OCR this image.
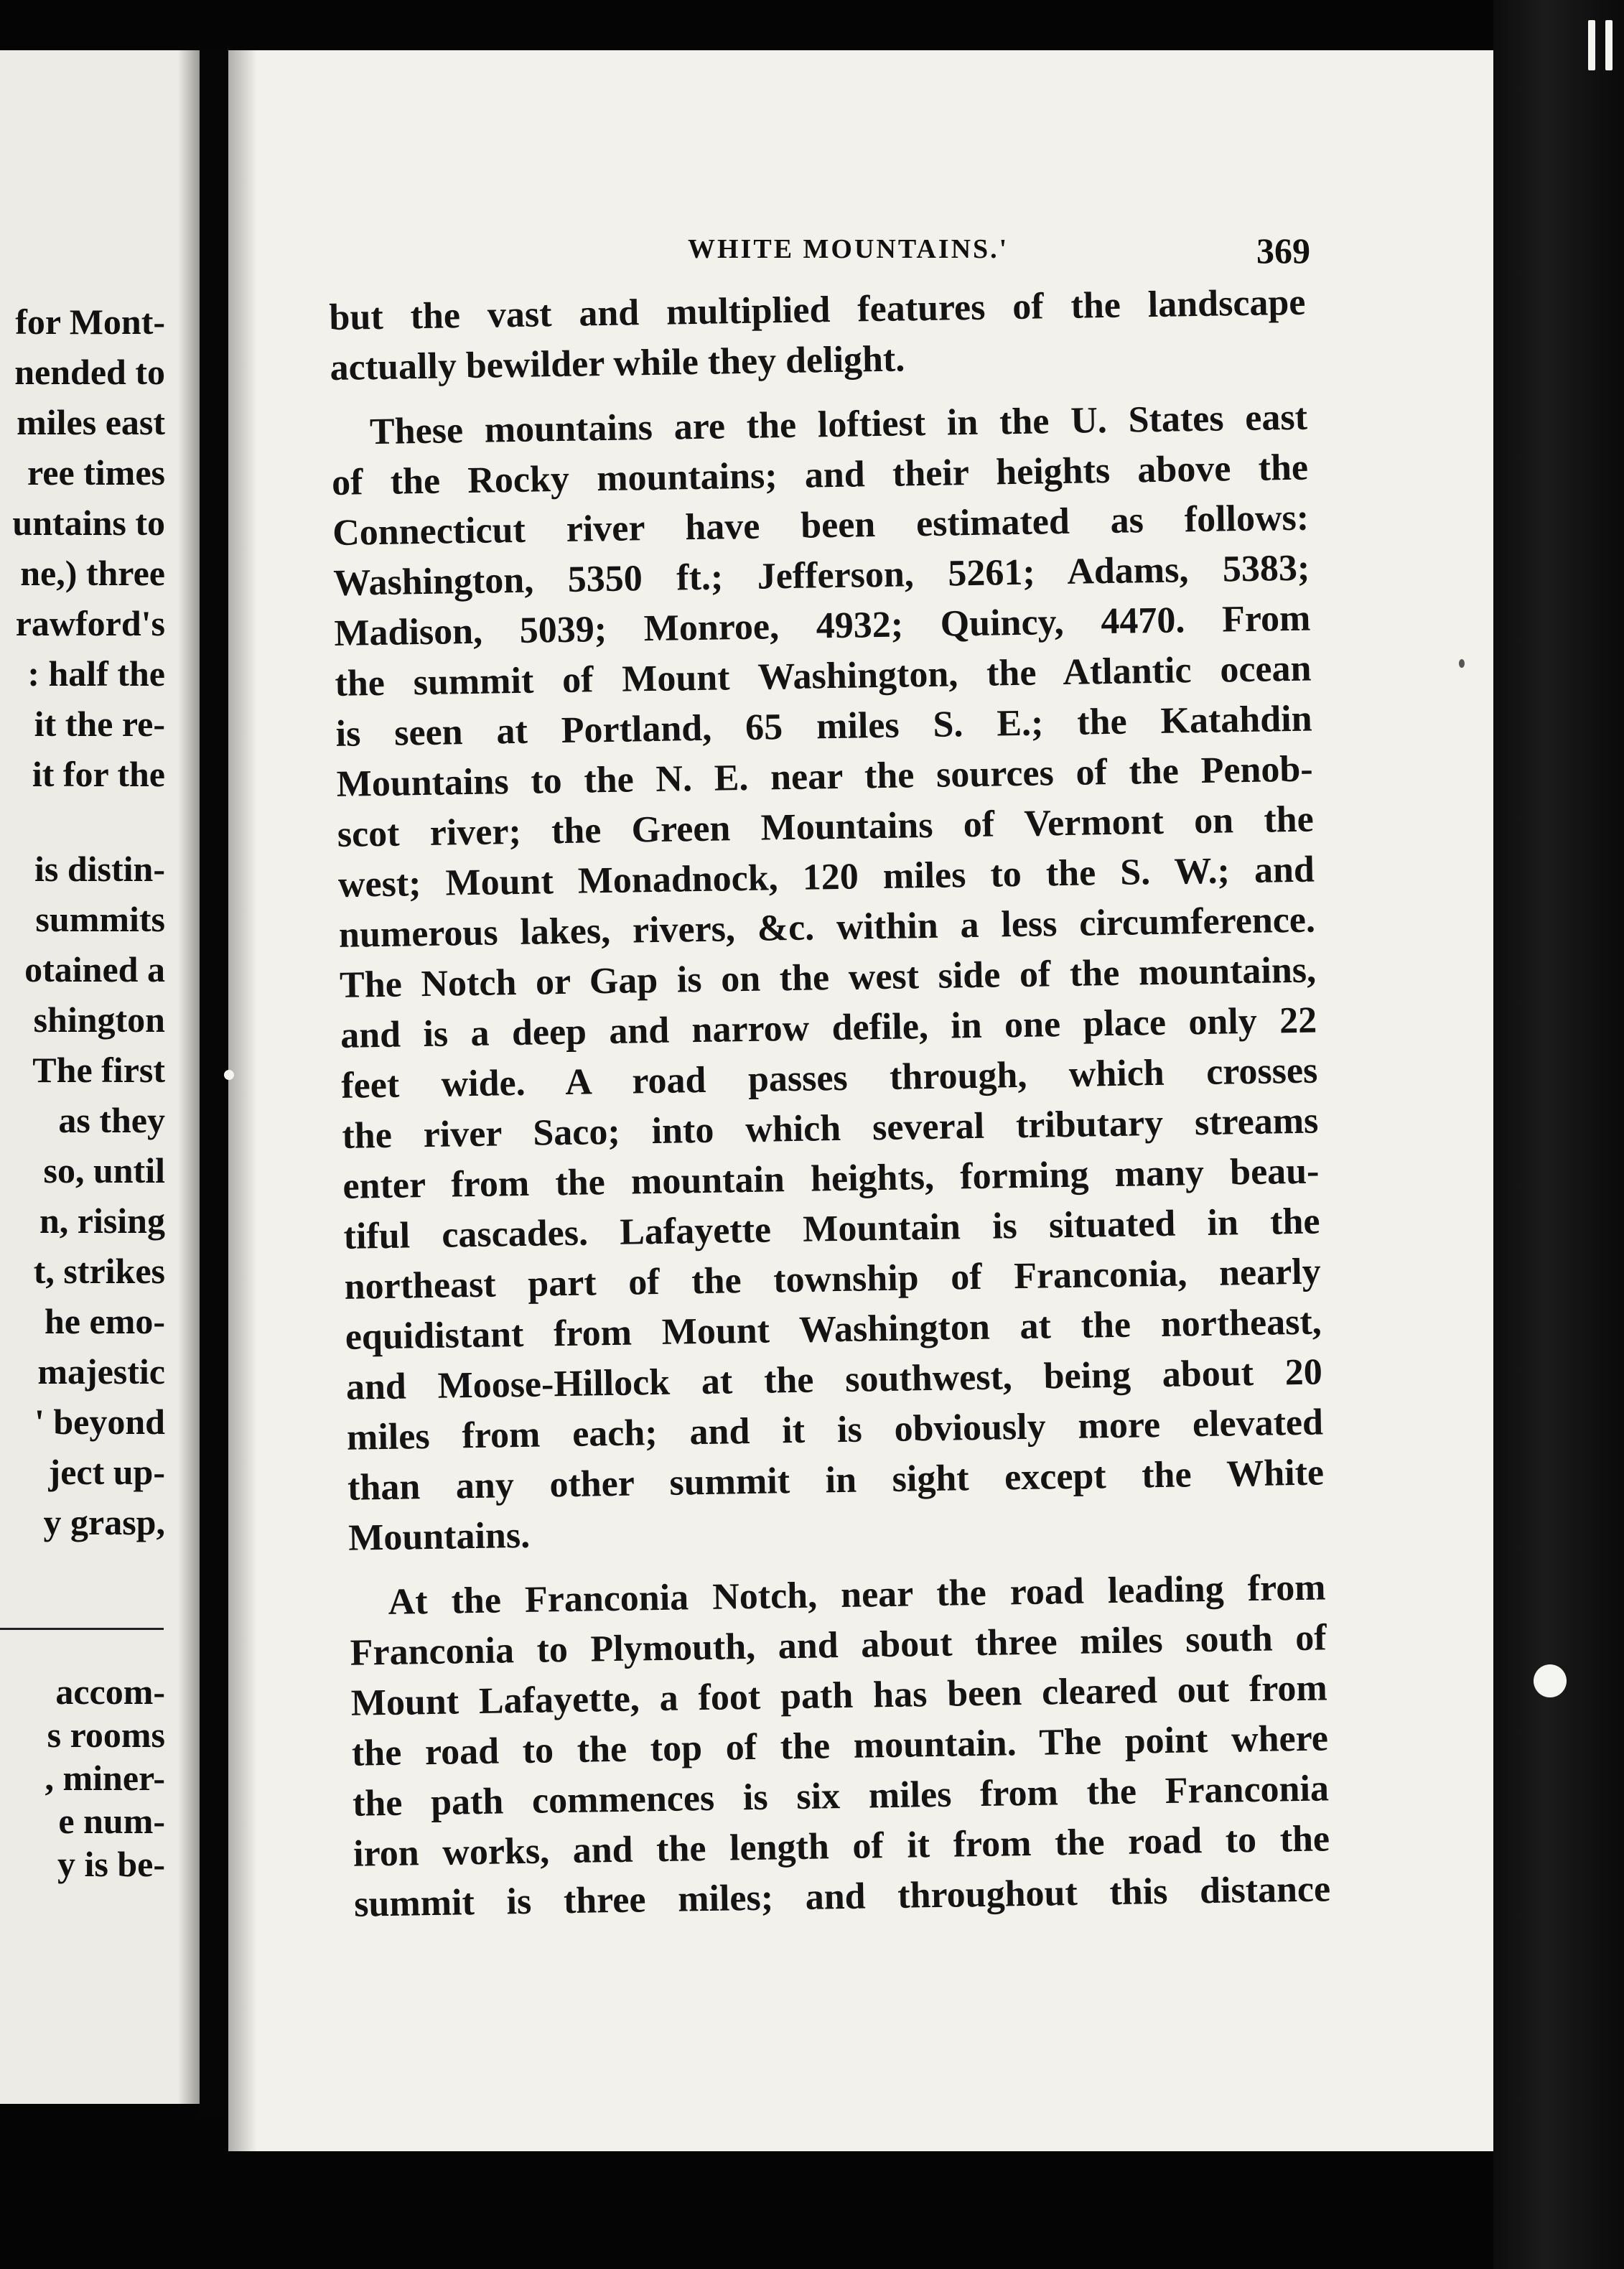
for Mont-
nended to
miles east
ree times
untains to
ne,) three
rawford's
: half the
it the re-
it for the
is distin-
summits
otained a
shington
The first
as they
so, until
n, rising
t, strikes
he emo-
majestic
' beyond
ject up-
y grasp,
accom-
s rooms
, miner-
e num-
y is be-
WHITE MOUNTAINS.'	369
but the vast and multiplied features of the landscape
actually bewilder while they delight.
These mountains are the loftiest in the U. States east
of the Rocky mountains; and their heights above the
Connecticut river have been estimated as follows:
Washington, 5350 ft.; Jefferson, 5261; Adams, 5383;
Madison, 5039; Monroe, 4932; Quincy, 4470. From
the summit of Mount Washington, the Atlantic ocean
is seen at Portland, 65 miles S. E.; the Katahdin
Mountains to the N. E. near the sources of the Penob-
scot river; the Green Mountains of Vermont on the
west; Mount Monadnock, 120 miles to the S. W.; and
numerous lakes, rivers, &c. within a less circumference.
The Notch or Gap is on the west side of the mountains,
and is a deep and narrow defile, in one place only 22
feet wide. A road passes through, which crosses
the river Saco; into which several tributary streams
enter from the mountain heights, forming many beau-
tiful cascades. Lafayette Mountain is situated in the
northeast part of the township of Franconia, nearly
equidistant from Mount Washington at the northeast,
and Moose-Hillock at the southwest, being about 20
miles from each; and it is obviously more elevated
than any other summit in sight except the White
Mountains.
At the Franconia Notch, near the road leading from
Franconia to Plymouth, and about three miles south of
Mount Lafayette, a foot path has been cleared out from
the road to the top of the mountain. The point where
the path commences is six miles from the Franconia
iron works, and the length of it from the road to the
summit is three miles; and throughout this distance
